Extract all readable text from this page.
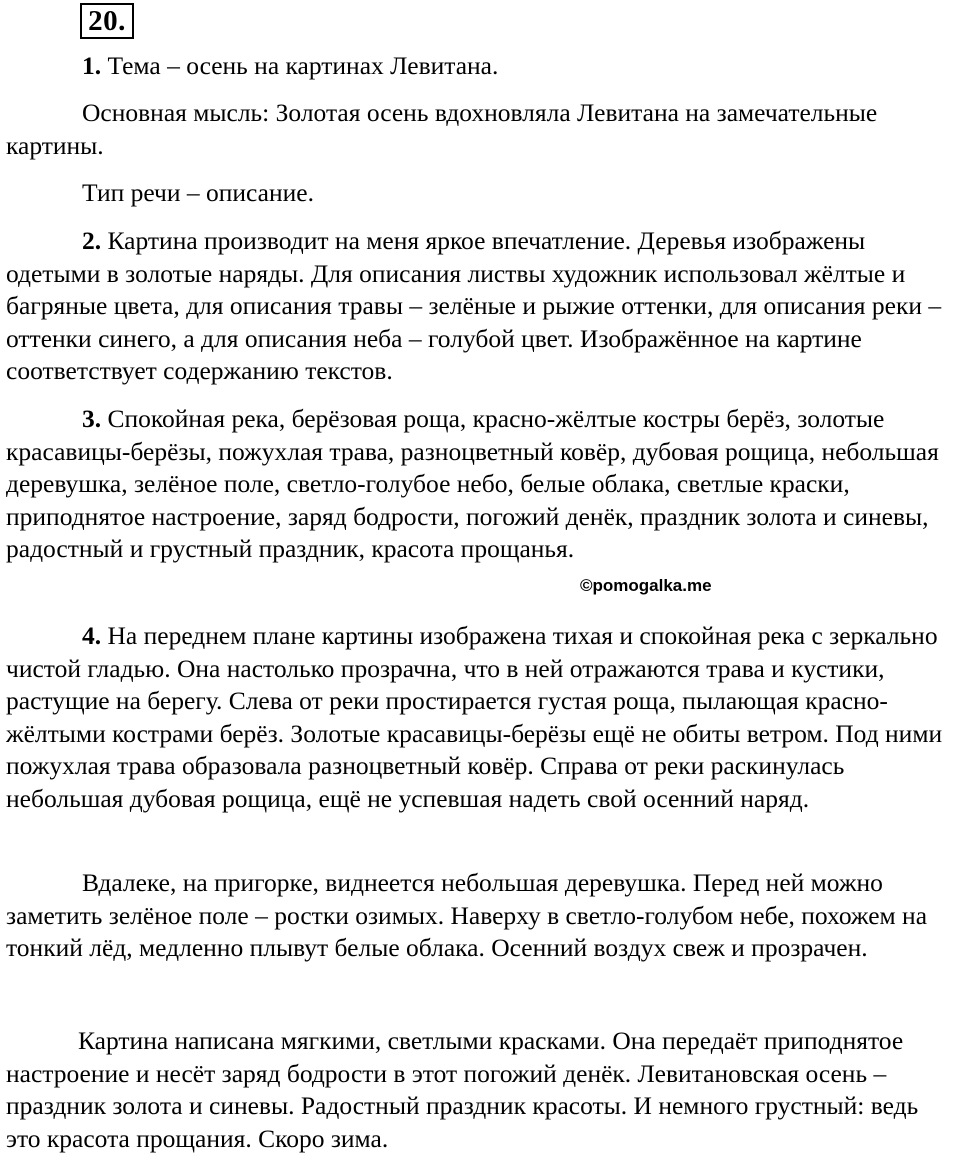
20.

1. Тема – осень на картинах Левитана.

Основная мысль: Золотая осень вдохновляла Левитана на замечательные картины.

Тип речи – описание.

2. Картина производит на меня яркое впечатление. Деревья изображены одетыми в золотые наряды. Для описания листвы художник использовал жёлтые и багряные цвета, для описания травы – зелёные и рыжие оттенки, для описания реки – оттенки синего, а для описания неба – голубой цвет. Изображённое на картине соответствует содержанию текстов.

3. Спокойная река, берёзовая роща, красно-жёлтые костры берёз, золотые красавицы-берёзы, пожухлая трава, разноцветный ковёр, дубовая рощица, небольшая деревушка, зелёное поле, светло-голубое небо, белые облака, светлые краски, приподнятое настроение, заряд бодрости, погожий денёк, праздник золота и синевы, радостный и грустный праздник, красота прощанья.

©pomogalka.me

4. На переднем плане картины изображена тихая и спокойная река с зеркально чистой гладью. Она настолько прозрачна, что в ней отражаются трава и кустики, растущие на берегу. Слева от реки простирается густая роща, пылающая красно-жёлтыми кострами берёз. Золотые красавицы-берёзы ещё не обиты ветром. Под ними пожухлая трава образовала разноцветный ковёр. Справа от реки раскинулась небольшая дубовая рощица, ещё не успевшая надеть свой осенний наряд.

Вдалеке, на пригорке, виднеется небольшая деревушка. Перед ней можно заметить зелёное поле – ростки озимых. Наверху в светло-голубом небе, похожем на тонкий лёд, медленно плывут белые облака. Осенний воздух свеж и прозрачен.

Картина написана мягкими, светлыми красками. Она передаёт приподнятое настроение и несёт заряд бодрости в этот погожий денёк. Левитановская осень – праздник золота и синевы. Радостный праздник красоты. И немного грустный: ведь это красота прощания. Скоро зима.
